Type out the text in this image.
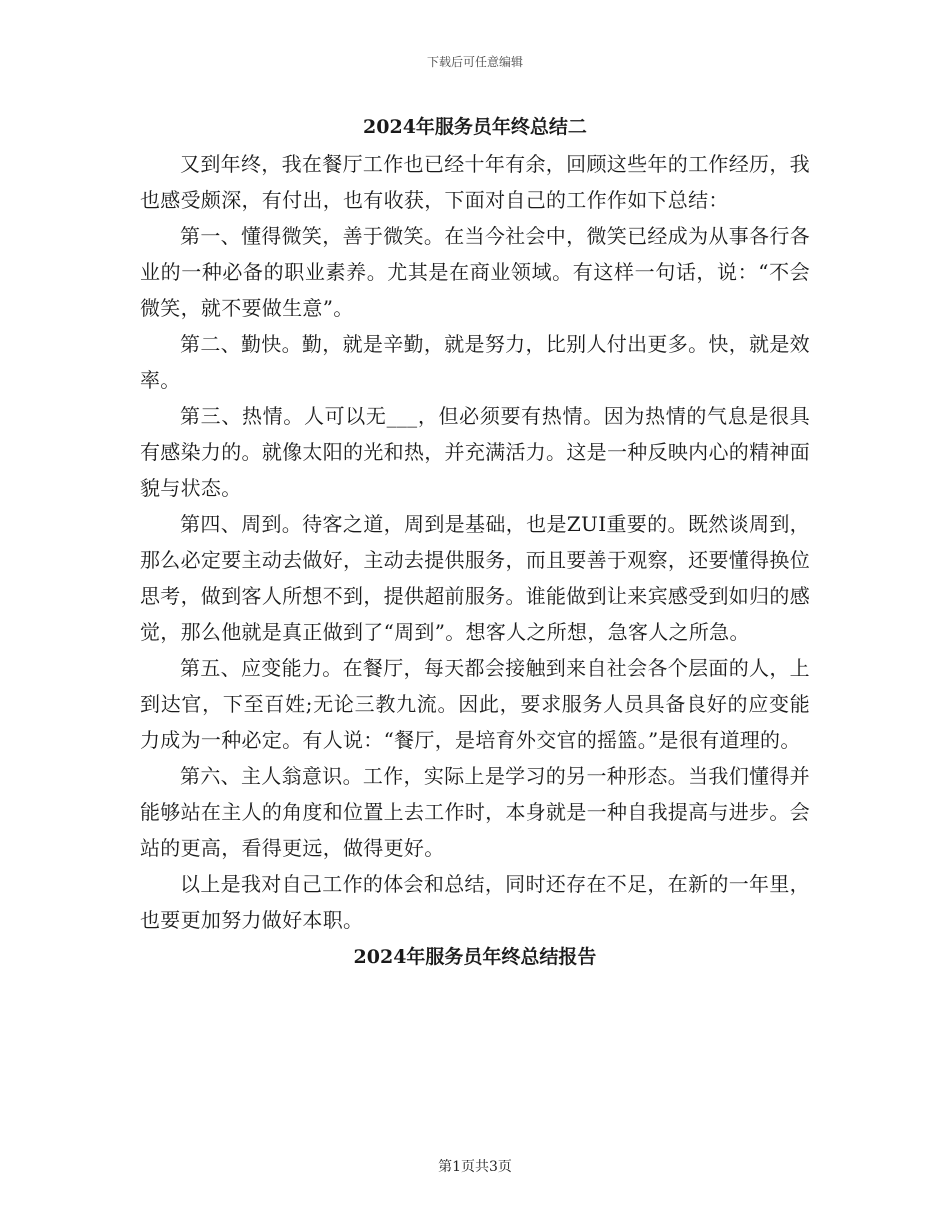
下载后可任意编辑
2024年服务员年终总结二

又到年终，我在餐厅工作也已经十年有余，回顾这些年的工作经历，我也感受颇深，有付出，也有收获，下面对自己的工作作如下总结：

第一、懂得微笑，善于微笑。在当今社会中，微笑已经成为从事各行各业的一种必备的职业素养。尤其是在商业领域。有这样一句话，说：“不会微笑，就不要做生意”。

第二、勤快。勤，就是辛勤，就是努力，比别人付出更多。快，就是效率。

第三、热情。人可以无___，但必须要有热情。因为热情的气息是很具有感染力的。就像太阳的光和热，并充满活力。这是一种反映内心的精神面貌与状态。

第四、周到。待客之道，周到是基础，也是ZUI重要的。既然谈周到，那么必定要主动去做好，主动去提供服务，而且要善于观察，还要懂得换位思考，做到客人所想不到，提供超前服务。谁能做到让来宾感受到如归的感觉，那么他就是真正做到了“周到”。想客人之所想，急客人之所急。

第五、应变能力。在餐厅，每天都会接触到来自社会各个层面的人，上到达官，下至百姓;无论三教九流。因此，要求服务人员具备良好的应变能力成为一种必定。有人说：“餐厅，是培育外交官的摇篮。”是很有道理的。

第六、主人翁意识。工作，实际上是学习的另一种形态。当我们懂得并能够站在主人的角度和位置上去工作时，本身就是一种自我提高与进步。会站的更高，看得更远，做得更好。

以上是我对自己工作的体会和总结，同时还存在不足，在新的一年里，也要更加努力做好本职。

2024年服务员年终总结报告
第1页共3页
